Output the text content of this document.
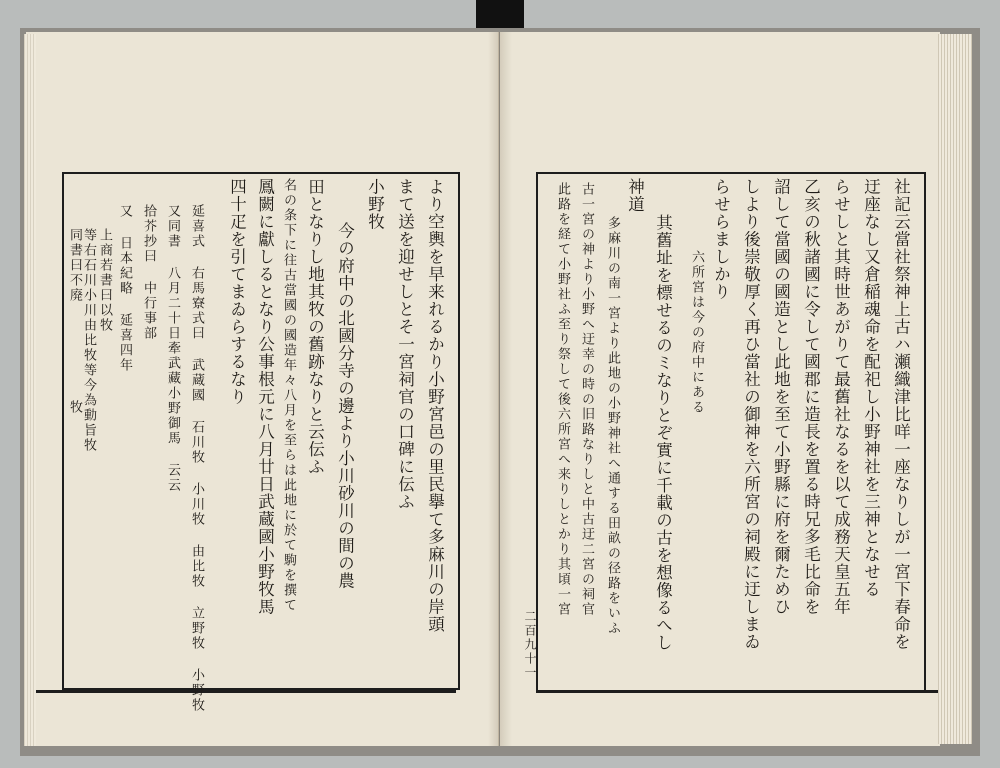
社記云當社祭神上古ハ瀬織津比咩一座なりしが一宮下春命を
迂座なし又倉稲魂命を配祀し小野神社を三神となせる
らせしと其時世あがりて最舊社なるを以て成務天皇五年
乙亥の秋諸國に令して國郡に造長を置る時兄多毛比命を
詔して當國の國造とし此地を至て小野縣に府を爾ためひ
しより後崇敬厚く再ひ當社の御神を六所宮の祠殿に迂しまゐ
らせらましかり
六所宮は今の府中にある
其舊址を標せるのミなりとぞ實に千載の古を想像るへし
神道
多麻川の南一宮より此地の小野神社へ通する田畝の径路をいふ
古一宮の神より小野へ迂幸の時の旧路なりしと中古迂二宮の祠官
此路を経て小野社ふ至り祭して後六所宮へ来りしとかり其頃一宮
二百九十一
より空輿を早来れるかり小野宮邑の里民擧て多麻川の岸頭
まて送を迎せしとそ一宮祠官の口碑に伝ふ
小野牧
今の府中の北國分寺の邊より小川砂川の間の農
田となりし地其牧の舊跡なりと云伝ふ
名の条下に往古當國の國造年々八月を至らは此地に於て駒を撰て
鳳闕に獻しるとなり公事根元に八月廿日武蔵國小野牧馬
四十疋を引てまゐらするなり
延喜式 右馬寮式曰 武蔵國 石川牧 小川牧 由比牧 立野牧 小野牧
又同書 八月二十日牽武藏小野御馬 云云
拾芥抄曰 中行事部
又 日本紀略 延喜四年
上商若書曰以牧
等右石川小川由比牧等今為動旨牧
同書曰不廃
牧
